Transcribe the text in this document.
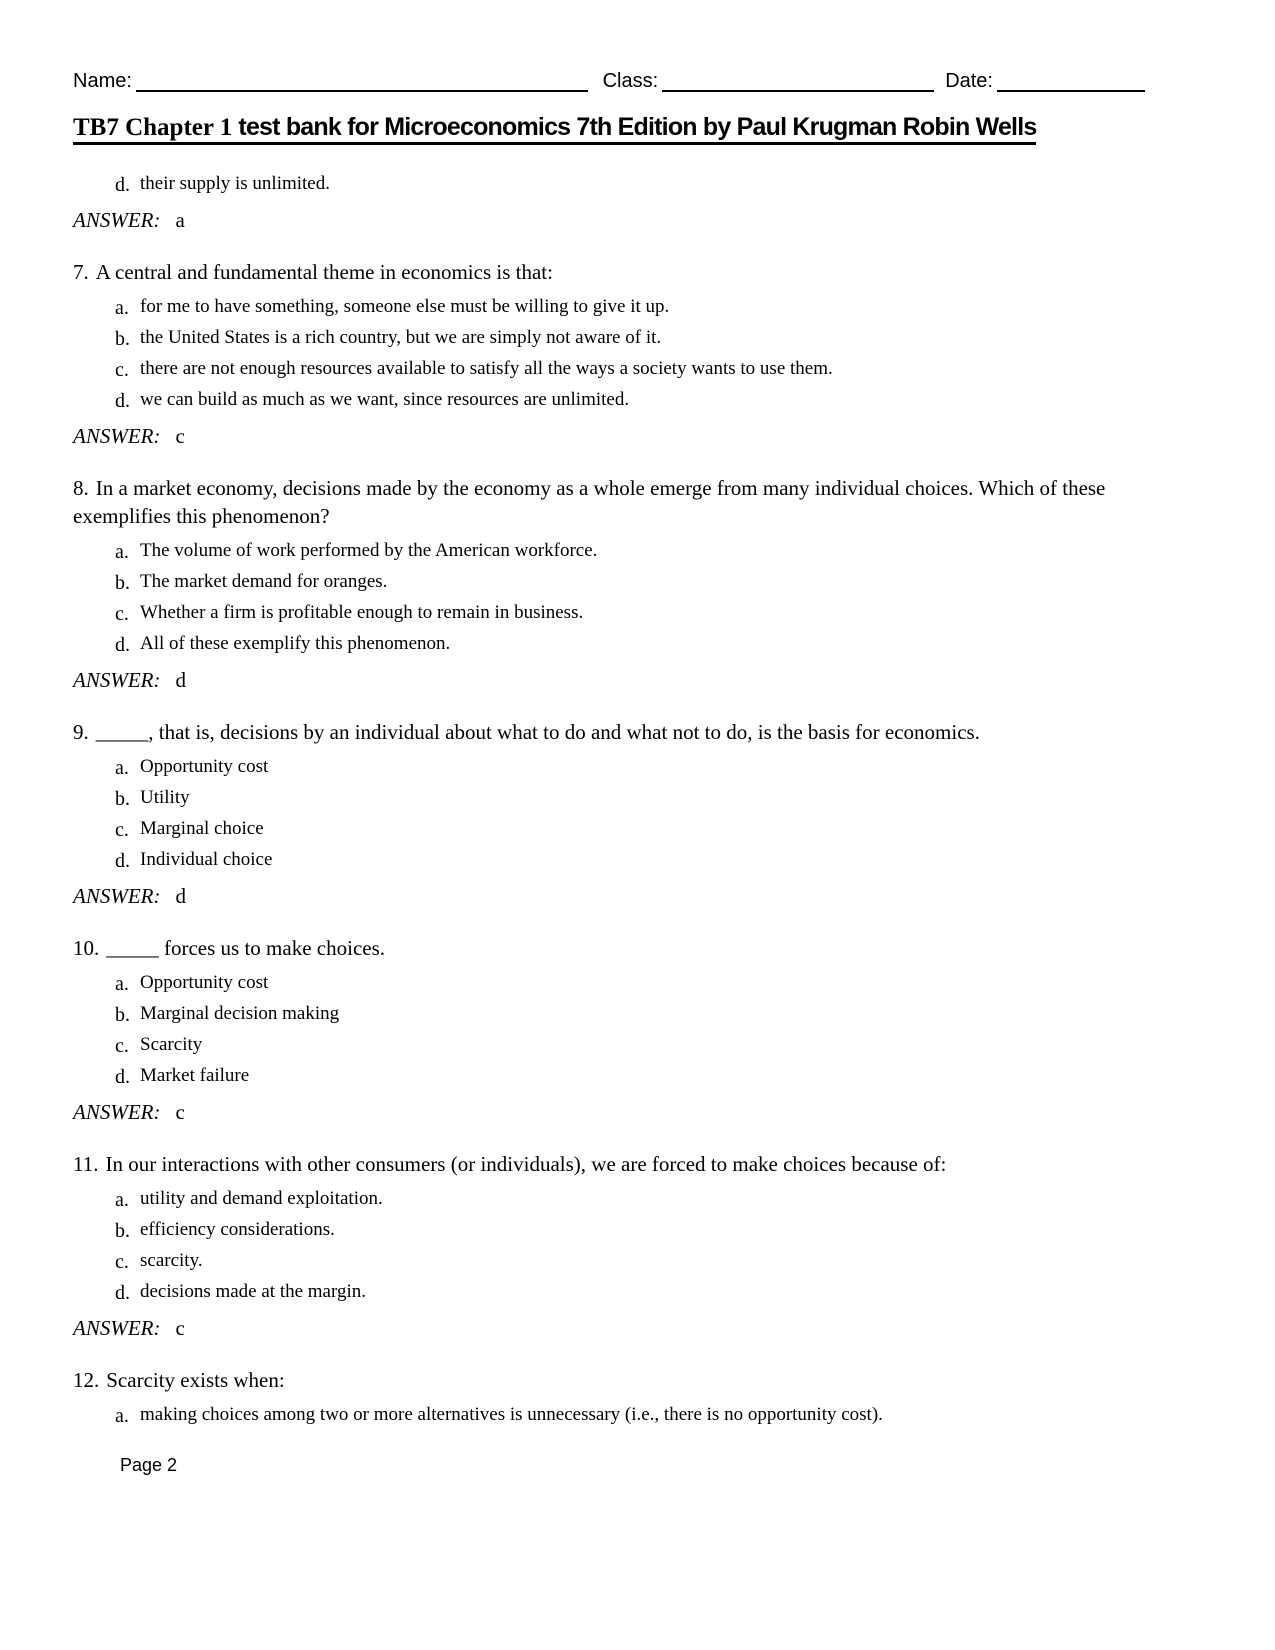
Name:	Class:	Date:
TB7 Chapter 1 test bank for Microeconomics 7th Edition by Paul Krugman Robin Wells
d. their supply is unlimited.

ANSWER: a

7. A central and fundamental theme in economics is that:

a. for me to have something, someone else must be willing to give it up.
b. the United States is a rich country, but we are simply not aware of it.
c. there are not enough resources available to satisfy all the ways a society wants to use them.
d. we can build as much as we want, since resources are unlimited.

ANSWER: c

8. In a market economy, decisions made by the economy as a whole emerge from many individual choices. Which of these exemplifies this phenomenon?

a. The volume of work performed by the American workforce.
b. The market demand for oranges.
c. Whether a firm is profitable enough to remain in business.
d. All of these exemplify this phenomenon.

ANSWER: d

9. _____, that is, decisions by an individual about what to do and what not to do, is the basis for economics.

a. Opportunity cost
b. Utility
c. Marginal choice
d. Individual choice

ANSWER: d

10. _____ forces us to make choices.

a. Opportunity cost
b. Marginal decision making
c. Scarcity
d. Market failure

ANSWER: c

11. In our interactions with other consumers (or individuals), we are forced to make choices because of:

a. utility and demand exploitation.
b. efficiency considerations.
c. scarcity.
d. decisions made at the margin.

ANSWER: c

12. Scarcity exists when:

a. making choices among two or more alternatives is unnecessary (i.e., there is no opportunity cost).
Page 2
